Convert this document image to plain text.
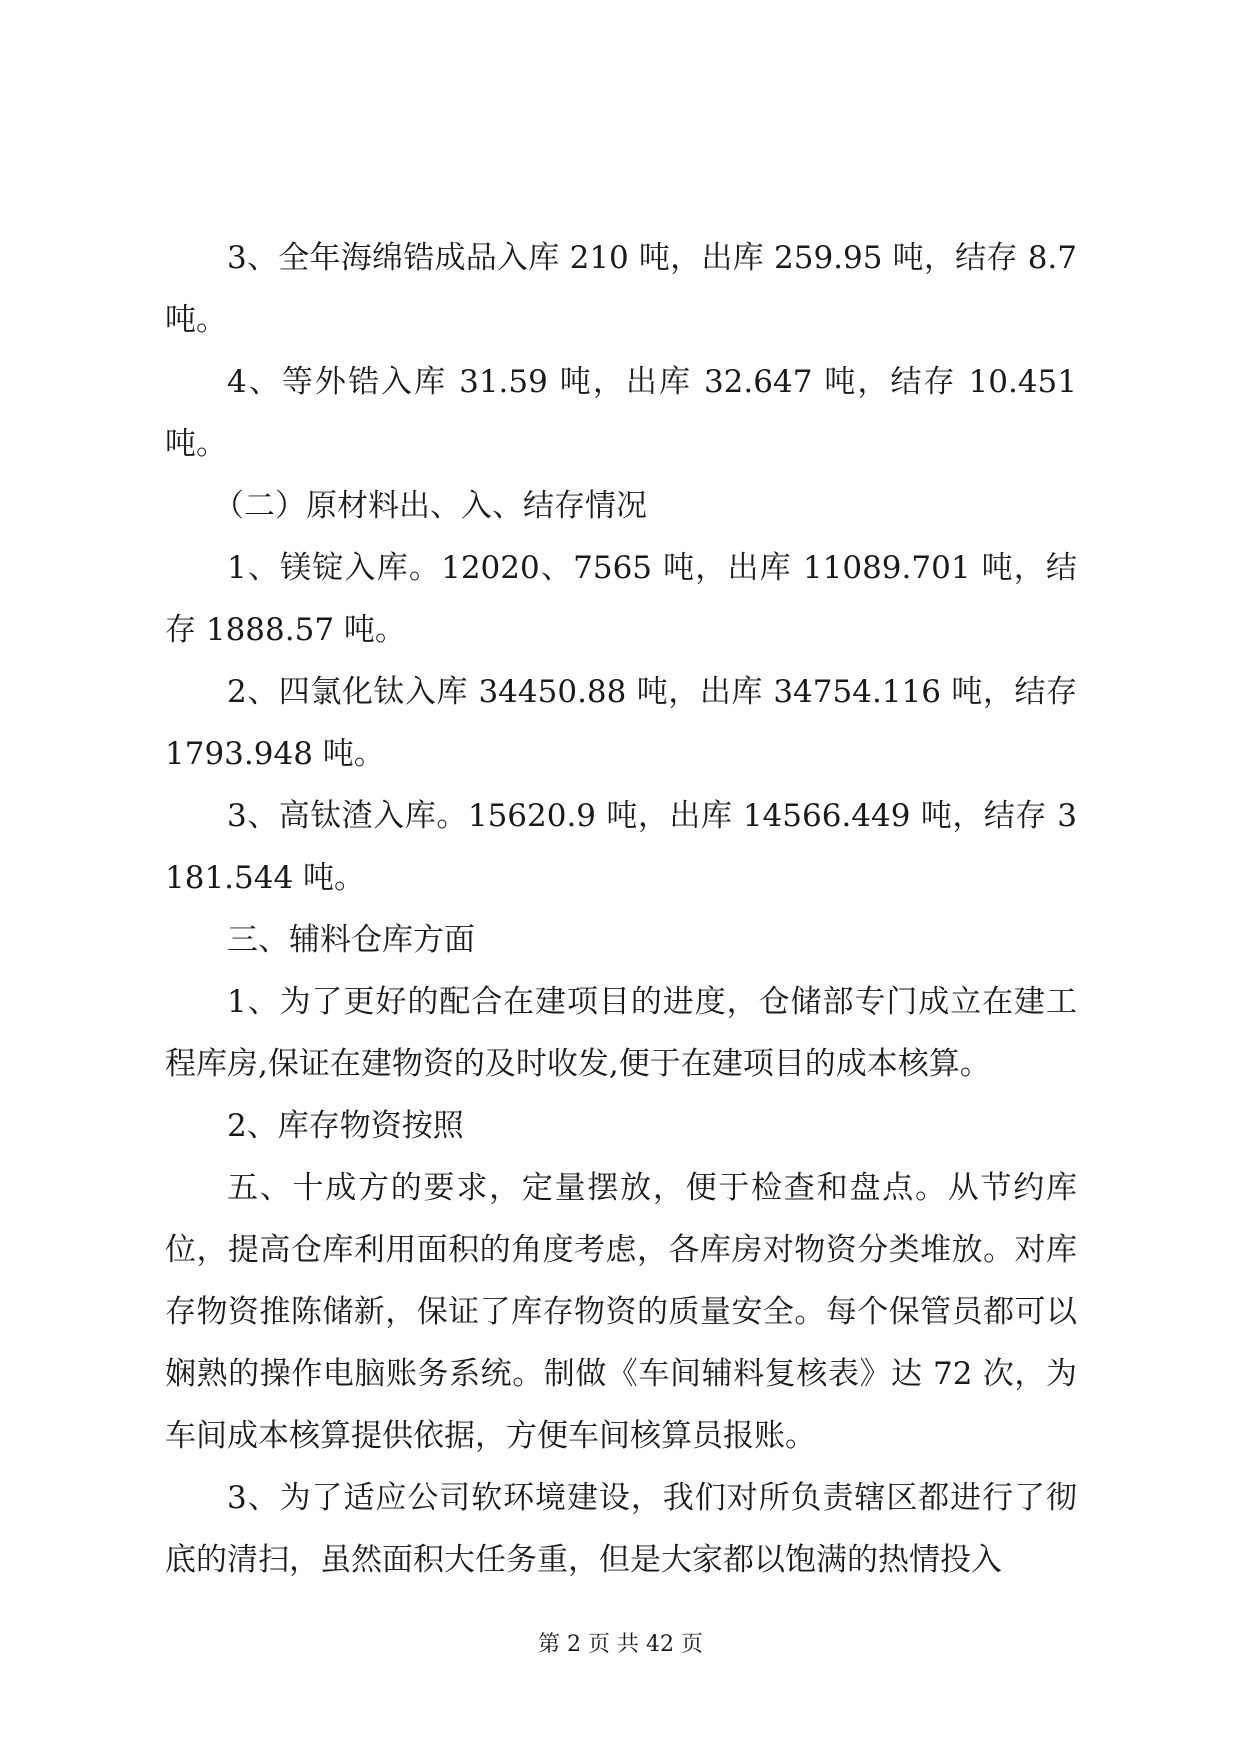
3、全年海绵锆成品入库 210 吨，出库 259.95 吨，结存 8.7 吨。

4、等外锆入库 31.59 吨，出库 32.647 吨，结存 10.451 吨。

（二）原材料出、入、结存情况

1、镁锭入库。12020、7565 吨，出库 11089.701 吨，结存 1888.57 吨。

2、四氯化钛入库 34450.88 吨，出库 34754.116 吨，结存 1793.948 吨。

3、高钛渣入库。15620.9 吨，出库 14566.449 吨，结存 3181.544 吨。

三、辅料仓库方面

1、为了更好的配合在建项目的进度，仓储部专门成立在建工程库房,保证在建物资的及时收发,便于在建项目的成本核算。

2、库存物资按照

五、十成方的要求，定量摆放，便于检查和盘点。从节约库位，提高仓库利用面积的角度考虑，各库房对物资分类堆放。对库存物资推陈储新，保证了库存物资的质量安全。每个保管员都可以娴熟的操作电脑账务系统。制做《车间辅料复核表》达 72 次，为车间成本核算提供依据，方便车间核算员报账。

3、为了适应公司软环境建设，我们对所负责辖区都进行了彻底的清扫，虽然面积大任务重，但是大家都以饱满的热情投入

第 2 页 共 42 页
